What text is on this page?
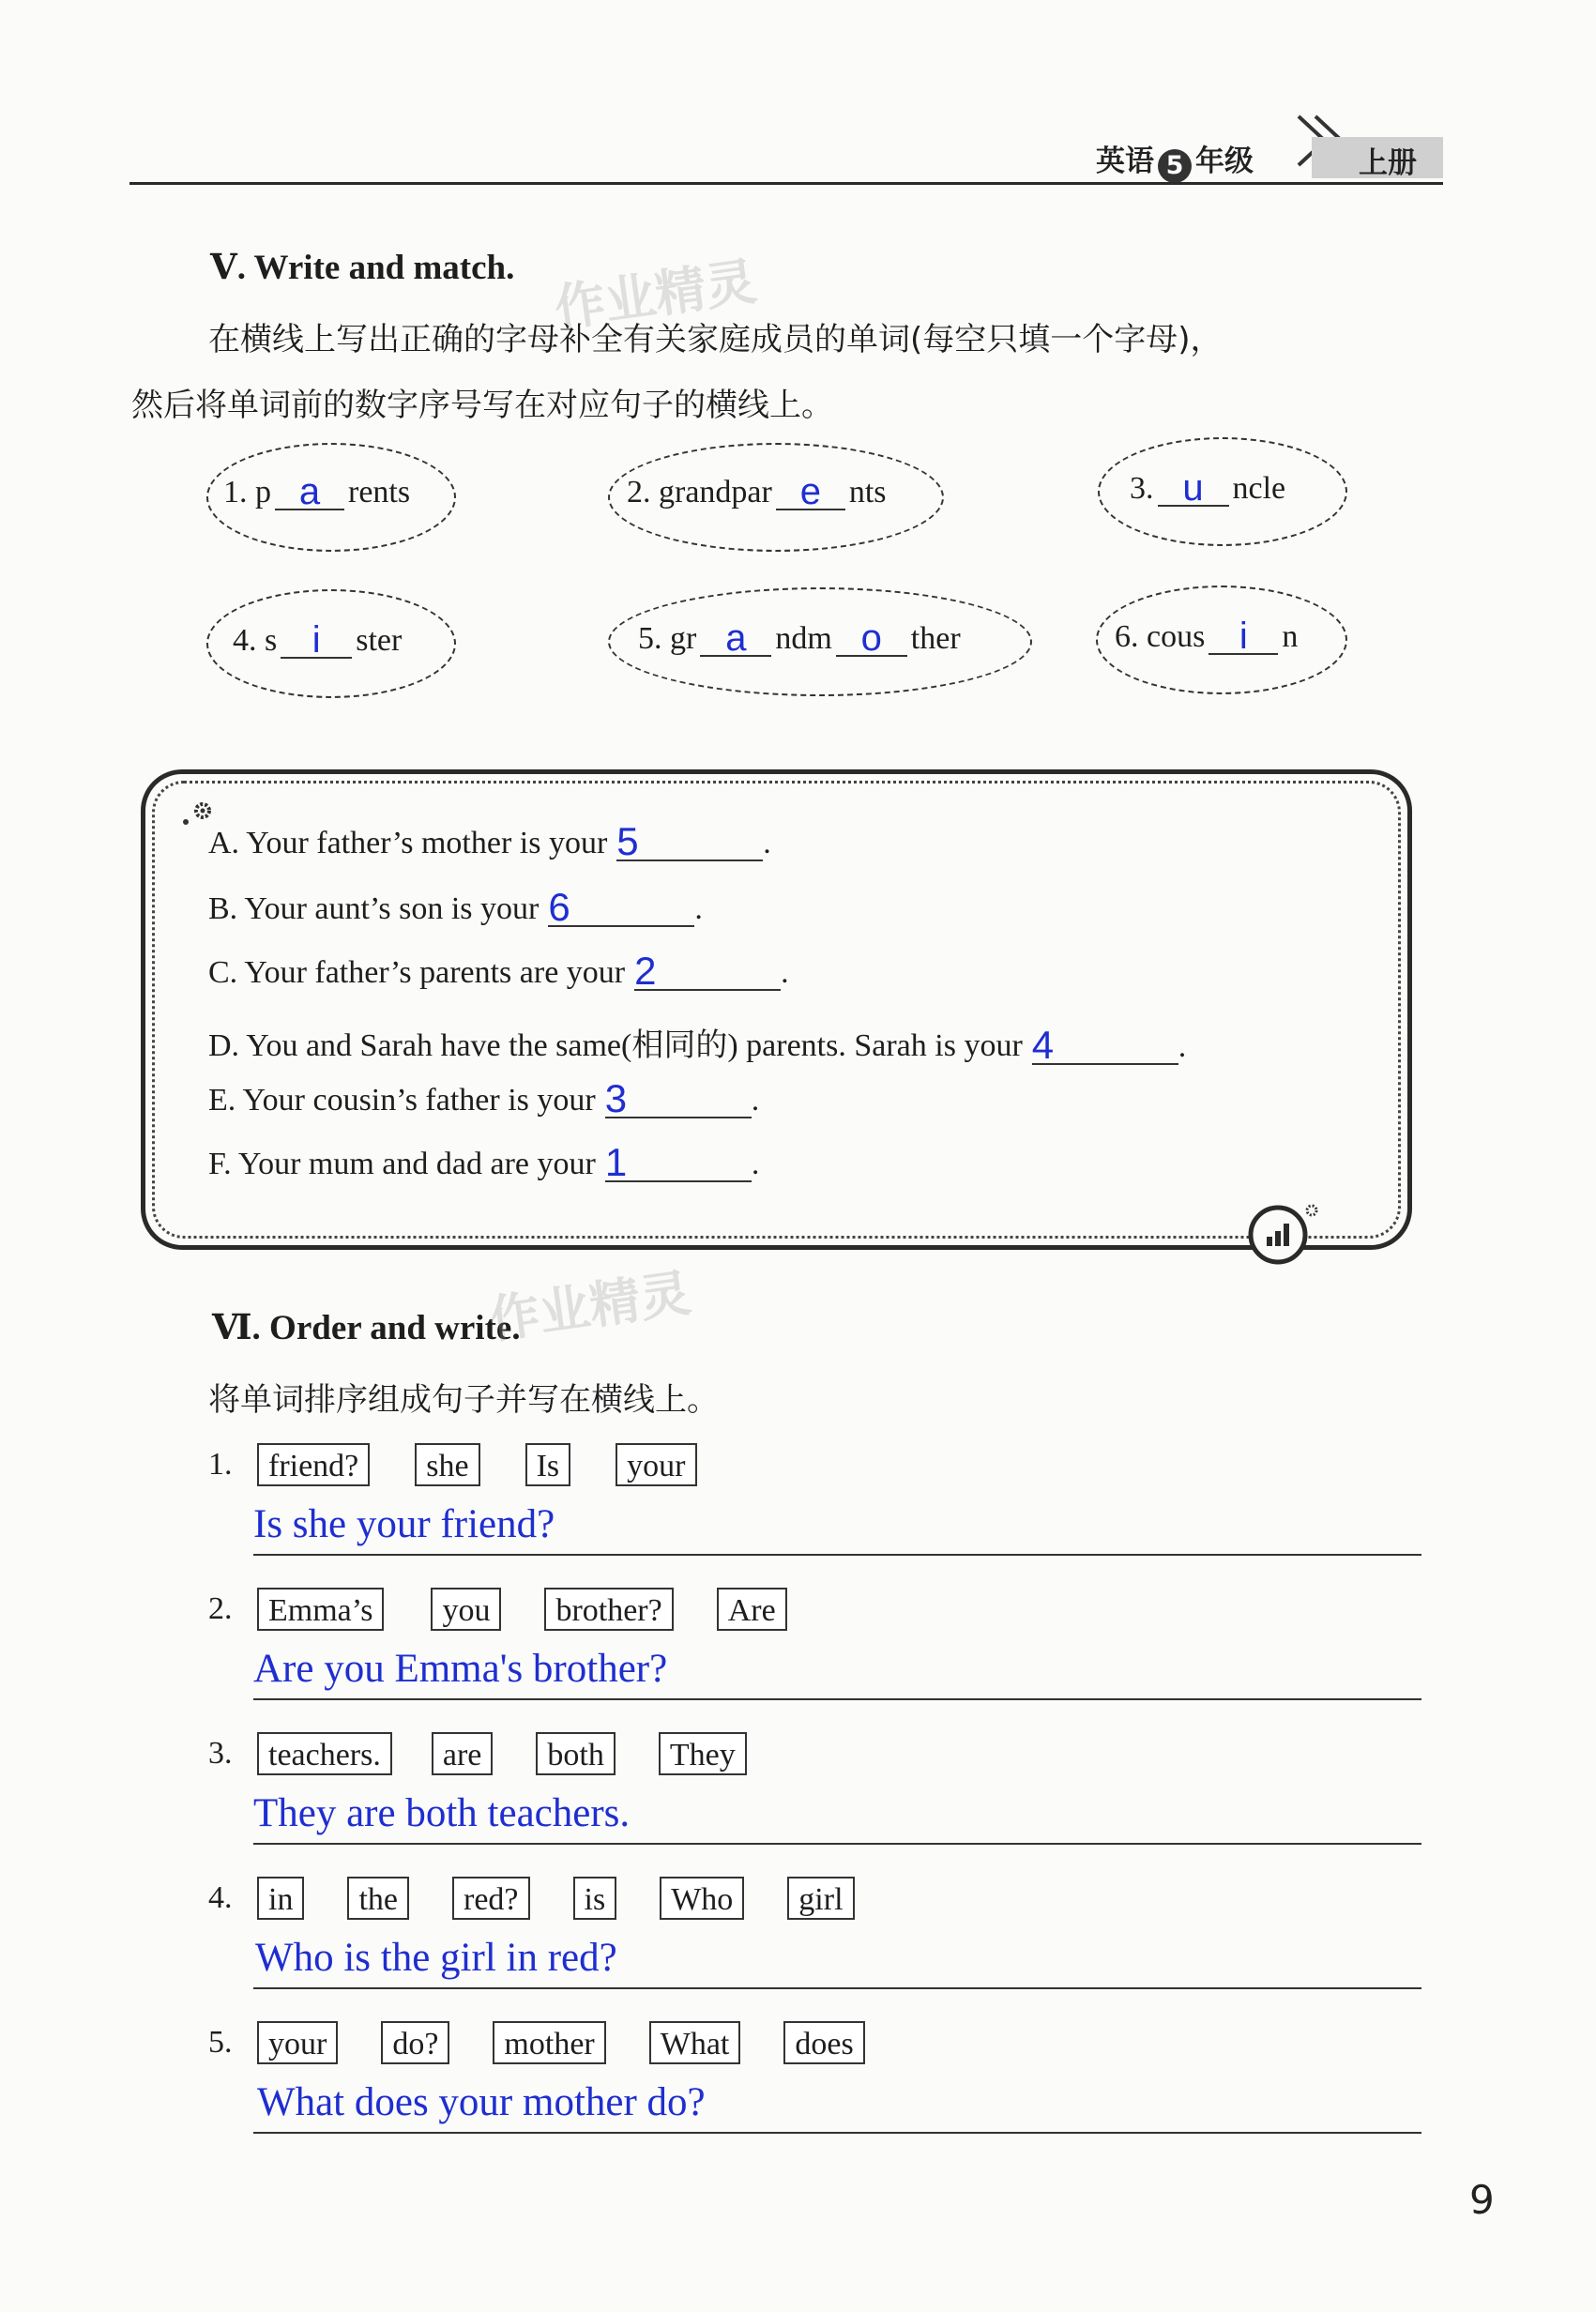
英语 5 年级	上册
Ⅴ. Write and match. 作业精灵
在横线上写出正确的字母补全有关家庭成员的单词(每空只填一个字母)，
然后将单词前的数字序号写在对应句子的横线上。
1. p a rents	2. grandpar e nts	3. u ncle
4. s i	ster	5. gr a ndm o ther	6. cous i	n
A. Your father’s mother is your 5	.
B. Your aunt’s son is your 6	.
C. Your father’s parents are your 2	.
D. You and Sarah have the same(相同的) parents. Sarah is your 4	.
E. Your cousin’s father is your 3	.
F. Your mum and dad are your 1	.
Ⅵ. Order and write.
作业精灵
将单词排序组成句子并写在横线上。
1.	friend?	she	Is	your
Is she your friend?
2.	Emma’s	you	brother?	Are
Are you Emma's brother?
3.	teachers.	are	both	They
They are both teachers.
4.	in	the	red?	is	Who	girl
Who is the girl in red?
5.	your	do?	mother	What	does
What does your mother do?
9
